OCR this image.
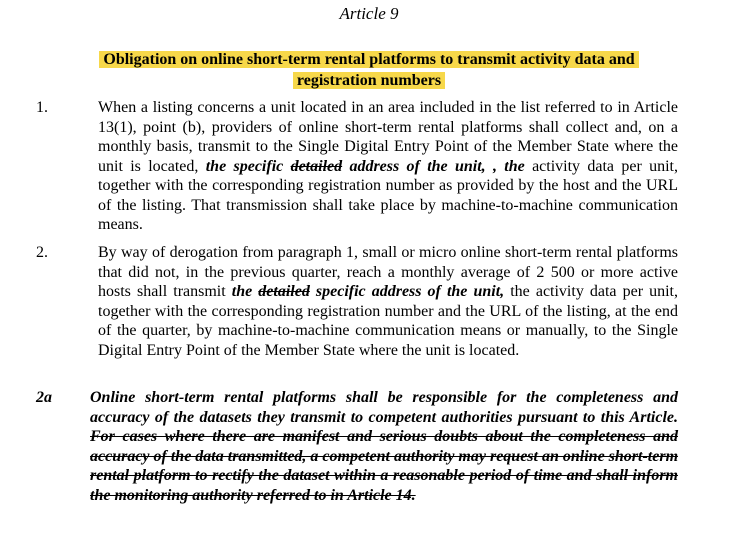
Article 9
Obligation on online short-term rental platforms to transmit activity data and
registration numbers
1.	When a listing concerns a unit located in an area included in the list referred to in Article 13(1), point (b), providers of online short-term rental platforms shall collect and, on a monthly basis, transmit to the Single Digital Entry Point of the Member State where the unit is located, the specific detailed address of the unit, , the activity data per unit, together with the corresponding registration number as provided by the host and the URL of the listing. That transmission shall take place by machine-to-machine communication means.
2.	By way of derogation from paragraph 1, small or micro online short-term rental platforms that did not, in the previous quarter, reach a monthly average of 2 500 or more active hosts shall transmit the detailed specific address of the unit, the activity data per unit, together with the corresponding registration number and the URL of the listing, at the end of the quarter, by machine-to-machine communication means or manually, to the Single Digital Entry Point of the Member State where the unit is located.
2a Online short-term rental platforms shall be responsible for the completeness and accuracy of the datasets they transmit to competent authorities pursuant to this Article. For cases where there are manifest and serious doubts about the completeness and accuracy of the data transmitted, a competent authority may request an online short-term rental platform to rectify the dataset within a reasonable period of time and shall inform the monitoring authority referred to in Article 14.
